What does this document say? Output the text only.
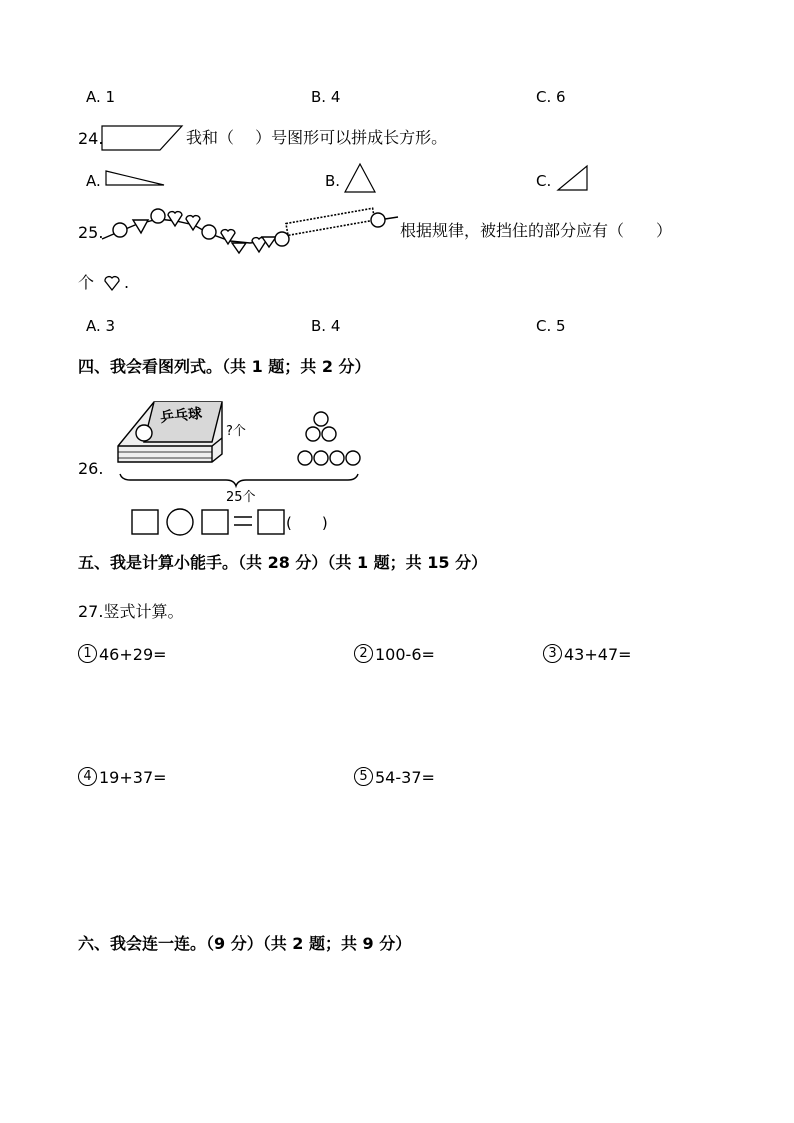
A. 1	B. 4	C. 6
24.	我和（　 ）号图形可以拼成长方形。
A.	B.	C.
25.	根据规律，被挡住的部分应有（　　）
个 .
A. 3	B. 4	C. 5
四、我会看图列式。（共 1 题；共 2 分）
26.
乒乓球
?个
25个
(　　)
五、我是计算小能手。（共 28 分）（共 1 题；共 15 分）
27.竖式计算。
1 46+29=	2 100-6=	3 43+47=
4 19+37=	5 54-37=
六、我会连一连。（9 分）（共 2 题；共 9 分）
